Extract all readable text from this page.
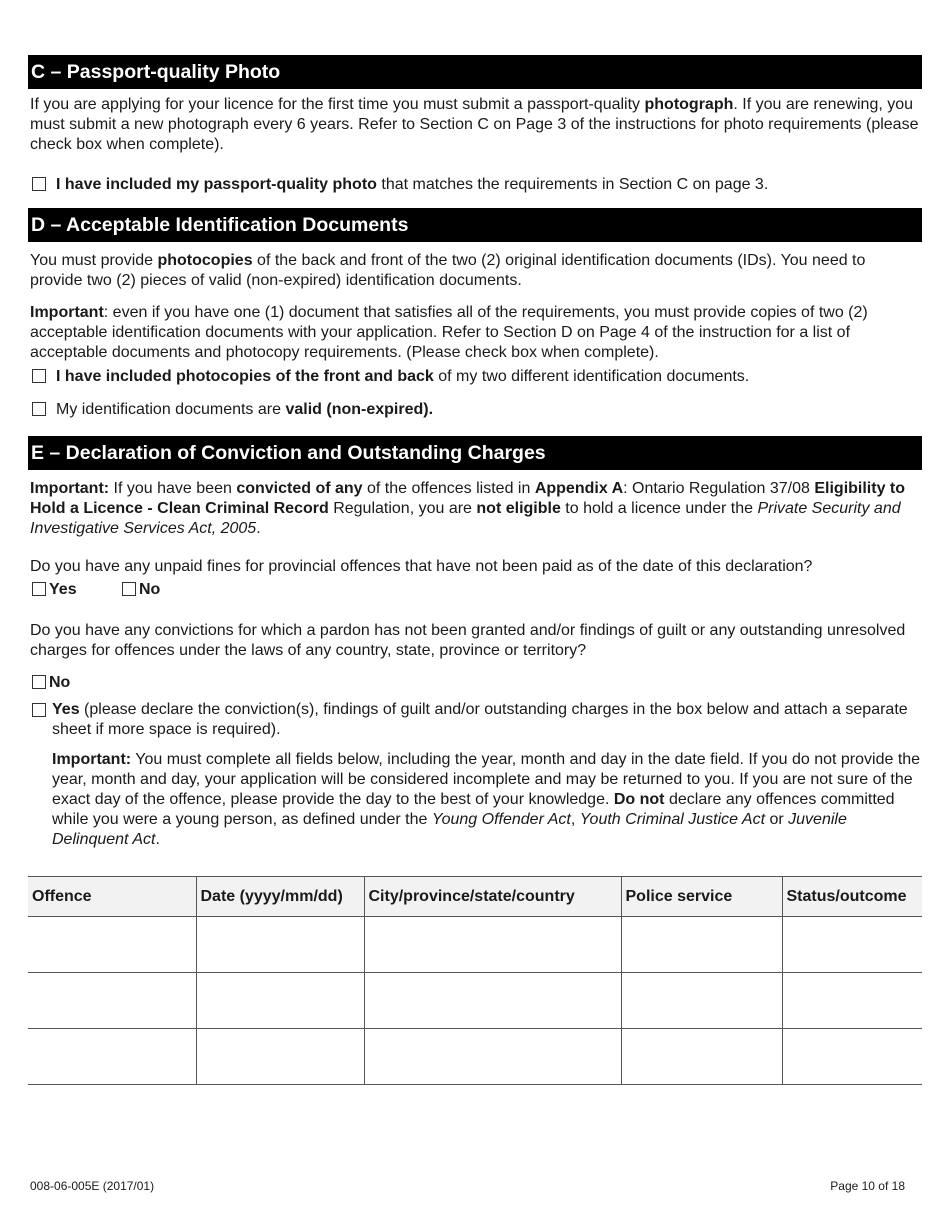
C – Passport-quality Photo

If you are applying for your licence for the first time you must submit a passport-quality photograph. If you are renewing, you must submit a new photograph every 6 years. Refer to Section C on Page 3 of the instructions for photo requirements (please check box when complete).

I have included my passport-quality photo that matches the requirements in Section C on page 3.
D – Acceptable Identification Documents

You must provide photocopies of the back and front of the two (2) original identification documents (IDs). You need to provide two (2) pieces of valid (non-expired) identification documents.

Important: even if you have one (1) document that satisfies all of the requirements, you must provide copies of two (2) acceptable identification documents with your application. Refer to Section D on Page 4 of the instruction for a list of acceptable documents and photocopy requirements. (Please check box when complete).

I have included photocopies of the front and back of my two different identification documents.
My identification documents are valid (non-expired).
E – Declaration of Conviction and Outstanding Charges

Important: If you have been convicted of any of the offences listed in Appendix A: Ontario Regulation 37/08 Eligibility to Hold a Licence - Clean Criminal Record Regulation, you are not eligible to hold a licence under the Private Security and Investigative Services Act, 2005.

Do you have any unpaid fines for provincial offences that have not been paid as of the date of this declaration?

Yes	No

Do you have any convictions for which a pardon has not been granted and/or findings of guilt or any outstanding unresolved charges for offences under the laws of any country, state, province or territory?

No
Yes (please declare the conviction(s), findings of guilt and/or outstanding charges in the box below and attach a separate sheet if more space is required).

Important: You must complete all fields below, including the year, month and day in the date field. If you do not provide the year, month and day, your application will be considered incomplete and may be returned to you. If you are not sure of the exact day of the offence, please provide the day to the best of your knowledge. Do not declare any offences committed while you were a young person, as defined under the Young Offender Act, Youth Criminal Justice Act or Juvenile Delinquent Act.

Offence	Date (yyyy/mm/dd)	City/province/state/country	Police service	Status/outcome

008-06-005E (2017/01)	Page 10 of 18
